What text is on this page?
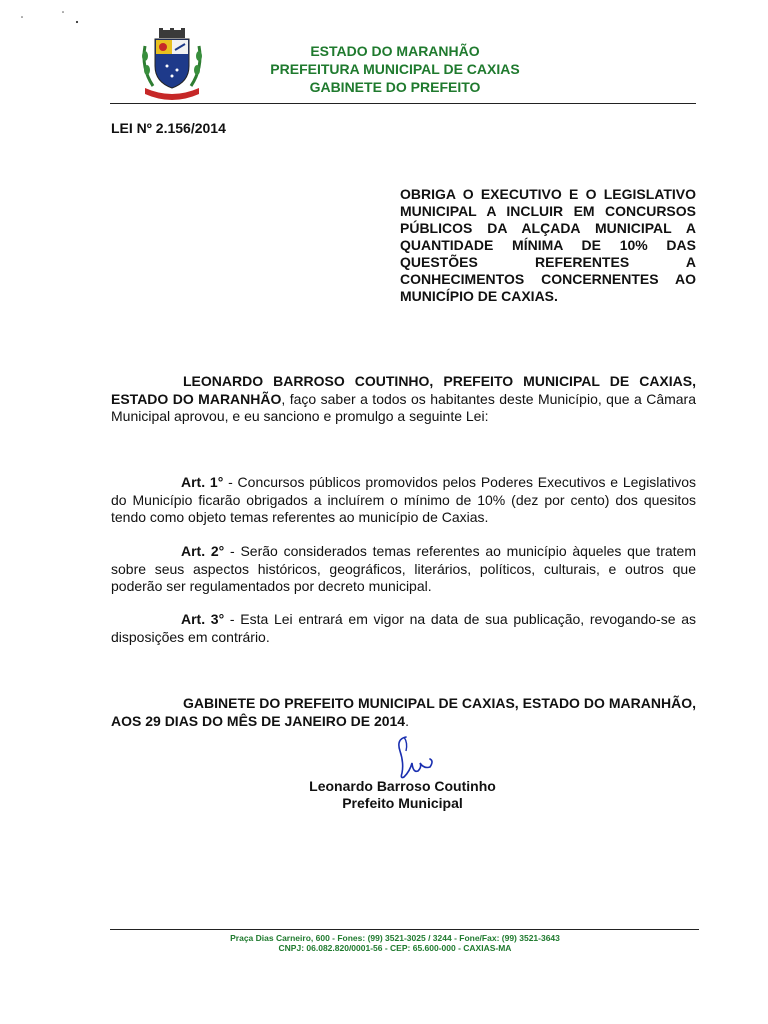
ESTADO DO MARANHÃO
PREFEITURA MUNICIPAL DE CAXIAS
GABINETE DO PREFEITO
LEI Nº 2.156/2014
OBRIGA O EXECUTIVO E O LEGISLATIVO MUNICIPAL A INCLUIR EM CONCURSOS PÚBLICOS DA ALÇADA MUNICIPAL A QUANTIDADE MÍNIMA DE 10% DAS QUESTÕES REFERENTES A CONHECIMENTOS CONCERNENTES AO MUNICÍPIO DE CAXIAS.

LEONARDO BARROSO COUTINHO, PREFEITO MUNICIPAL DE CAXIAS, ESTADO DO MARANHÃO, faço saber a todos os habitantes deste Município, que a Câmara Municipal aprovou, e eu sanciono e promulgo a seguinte Lei:

Art. 1° - Concursos públicos promovidos pelos Poderes Executivos e Legislativos do Município ficarão obrigados a incluírem o mínimo de 10% (dez por cento) dos quesitos tendo como objeto temas referentes ao município de Caxias.

Art. 2° - Serão considerados temas referentes ao município àqueles que tratem sobre seus aspectos históricos, geográficos, literários, políticos, culturais, e outros que poderão ser regulamentados por decreto municipal.

Art. 3° - Esta Lei entrará em vigor na data de sua publicação, revogando-se as disposições em contrário.

GABINETE DO PREFEITO MUNICIPAL DE CAXIAS, ESTADO DO MARANHÃO, AOS 29 DIAS DO MÊS DE JANEIRO DE 2014.

Leonardo Barroso Coutinho
Prefeito Municipal
Praça Dias Carneiro, 600 - Fones: (99) 3521-3025 / 3244 - Fone/Fax: (99) 3521-3643
CNPJ: 06.082.820/0001-56 - CEP: 65.600-000 - CAXIAS-MA
